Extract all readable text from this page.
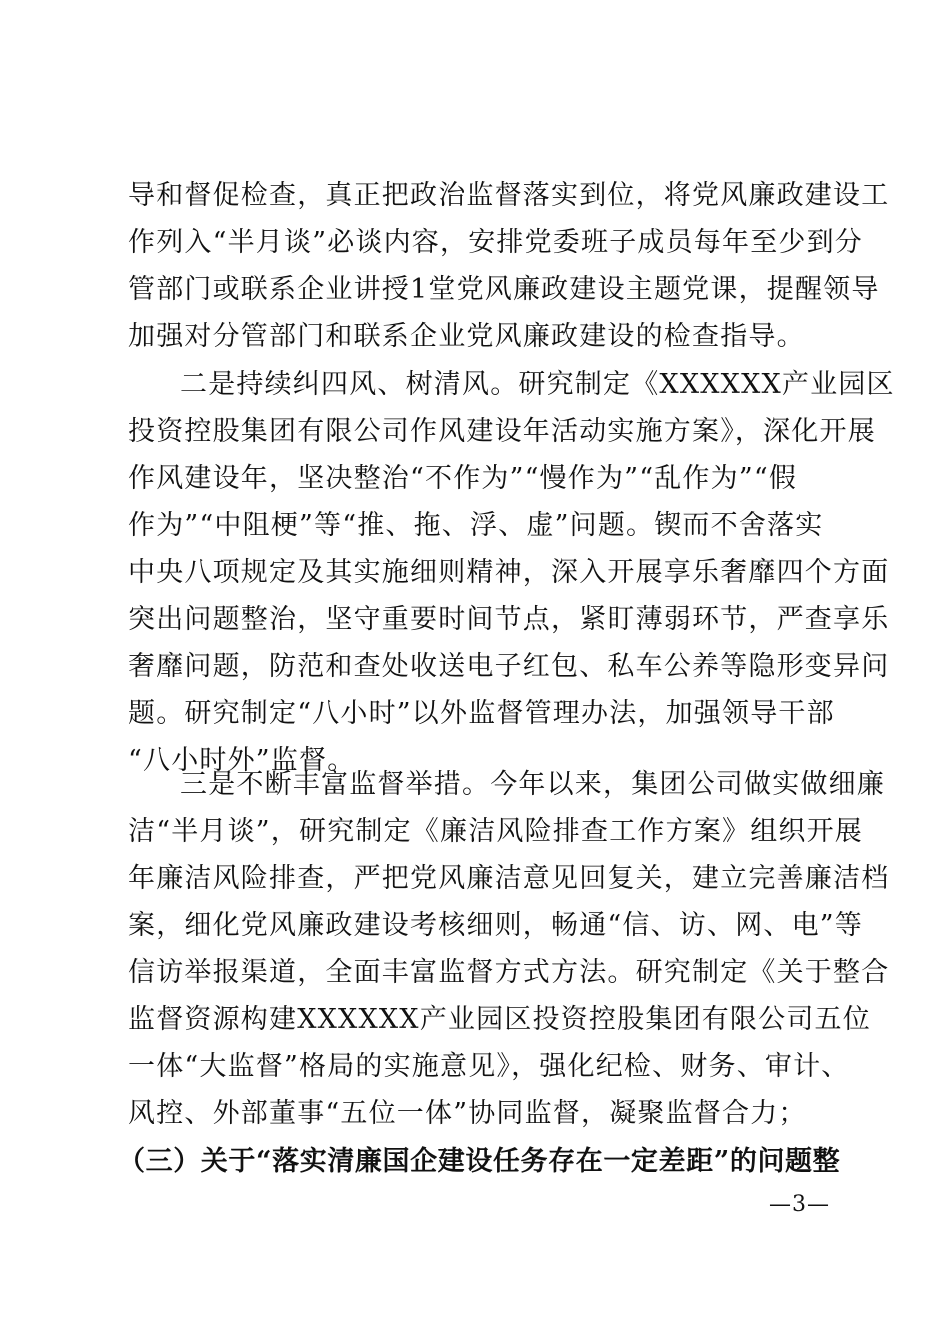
导和督促检查，真正把政治监督落实到位，将党风廉政建设工
作列入“半月谈”必谈内容，安排党委班子成员每年至少到分
管部门或联系企业讲授1堂党风廉政建设主题党课，提醒领导
加强对分管部门和联系企业党风廉政建设的检查指导。
二是持续纠四风、树清风。研究制定《XXXXXX产业园区
投资控股集团有限公司作风建设年活动实施方案》，深化开展
作风建设年，坚决整治“不作为”“慢作为”“乱作为”“假
作为”“中阻梗”等“推、拖、浮、虚”问题。锲而不舍落实
中央八项规定及其实施细则精神，深入开展享乐奢靡四个方面
突出问题整治，坚守重要时间节点，紧盯薄弱环节，严查享乐
奢靡问题，防范和查处收送电子红包、私车公养等隐形变异问
题。研究制定“八小时”以外监督管理办法，加强领导干部
“八小时外”监督。
三是不断丰富监督举措。今年以来，集团公司做实做细廉
洁“半月谈”，研究制定《廉洁风险排查工作方案》组织开展
年廉洁风险排查，严把党风廉洁意见回复关，建立完善廉洁档
案，细化党风廉政建设考核细则，畅通“信、访、网、电”等
信访举报渠道，全面丰富监督方式方法。研究制定《关于整合
监督资源构建XXXXXX产业园区投资控股集团有限公司五位
一体“大监督”格局的实施意见》，强化纪检、财务、审计、
风控、外部董事“五位一体”协同监督，凝聚监督合力；
（三）关于“落实清廉国企建设任务存在一定差距”的问题整
—3—
